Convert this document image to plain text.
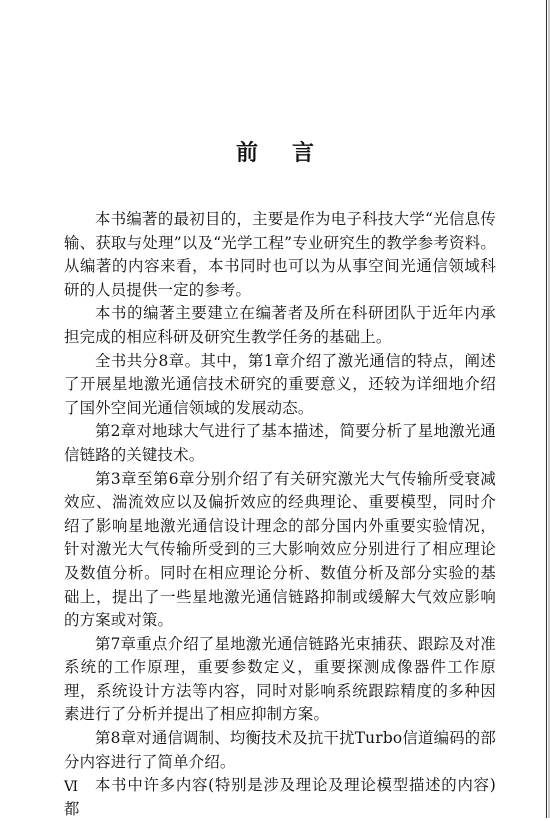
前言

本书编著的最初目的，主要是作为电子科技大学“光信息传输、获取与处理”以及“光学工程”专业研究生的教学参考资料。从编著的内容来看，本书同时也可以为从事空间光通信领域科研的人员提供一定的参考。

本书的编著主要建立在编著者及所在科研团队于近年内承担完成的相应科研及研究生教学任务的基础上。

全书共分8章。其中，第1章介绍了激光通信的特点，阐述了开展星地激光通信技术研究的重要意义，还较为详细地介绍了国外空间光通信领域的发展动态。

第2章对地球大气进行了基本描述，简要分析了星地激光通信链路的关键技术。

第3章至第6章分别介绍了有关研究激光大气传输所受衰减效应、湍流效应以及偏折效应的经典理论、重要模型，同时介绍了影响星地激光通信设计理念的部分国内外重要实验情况，针对激光大气传输所受到的三大影响效应分别进行了相应理论及数值分析。同时在相应理论分析、数值分析及部分实验的基础上，提出了一些星地激光通信链路抑制或缓解大气效应影响的方案或对策。

第7章重点介绍了星地激光通信链路光束捕获、跟踪及对准系统的工作原理，重要参数定义，重要探测成像器件工作原理，系统设计方法等内容，同时对影响系统跟踪精度的多种因素进行了分析并提出了相应抑制方案。

第8章对通信调制、均衡技术及抗干扰Turbo信道编码的部分内容进行了简单介绍。

本书中许多内容(特别是涉及理论及理论模型描述的内容)都

Ⅵ
